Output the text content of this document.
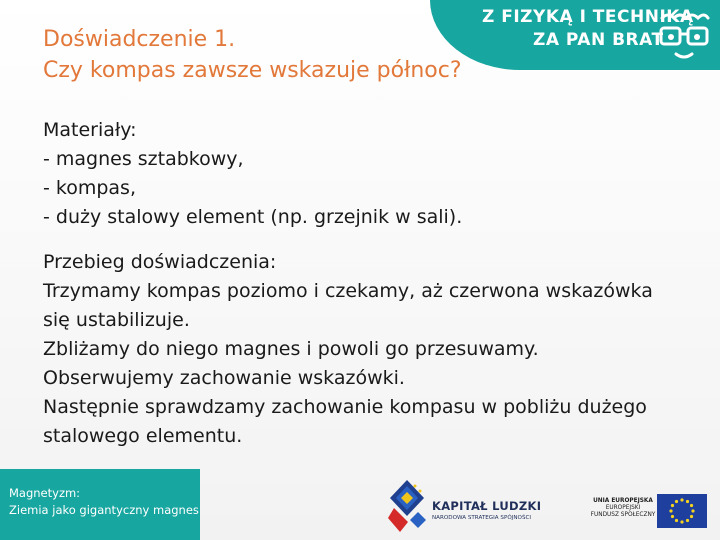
Z FIZYKĄ I TECHNIKĄ
ZA PAN BRAT
Doświadczenie 1.
Czy kompas zawsze wskazuje północ?
Materiały:
- magnes sztabkowy,
- kompas,
- duży stalowy element (np. grzejnik w sali).
Przebieg doświadczenia:
Trzymamy kompas poziomo i czekamy, aż czerwona wskazówka
się ustabilizuje.
Zbliżamy do niego magnes i powoli go przesuwamy.
Obserwujemy zachowanie wskazówki.
Następnie sprawdzamy zachowanie kompasu w pobliżu dużego
stalowego elementu.
Magnetyzm:
Ziemia jako gigantyczny magnes	KAPITAŁ LUDZKI
NARODOWA STRATEGIA SPÓJNOŚCI
UNIA EUROPEJSKA
EUROPEJSKI
FUNDUSZ SPOŁECZNY
